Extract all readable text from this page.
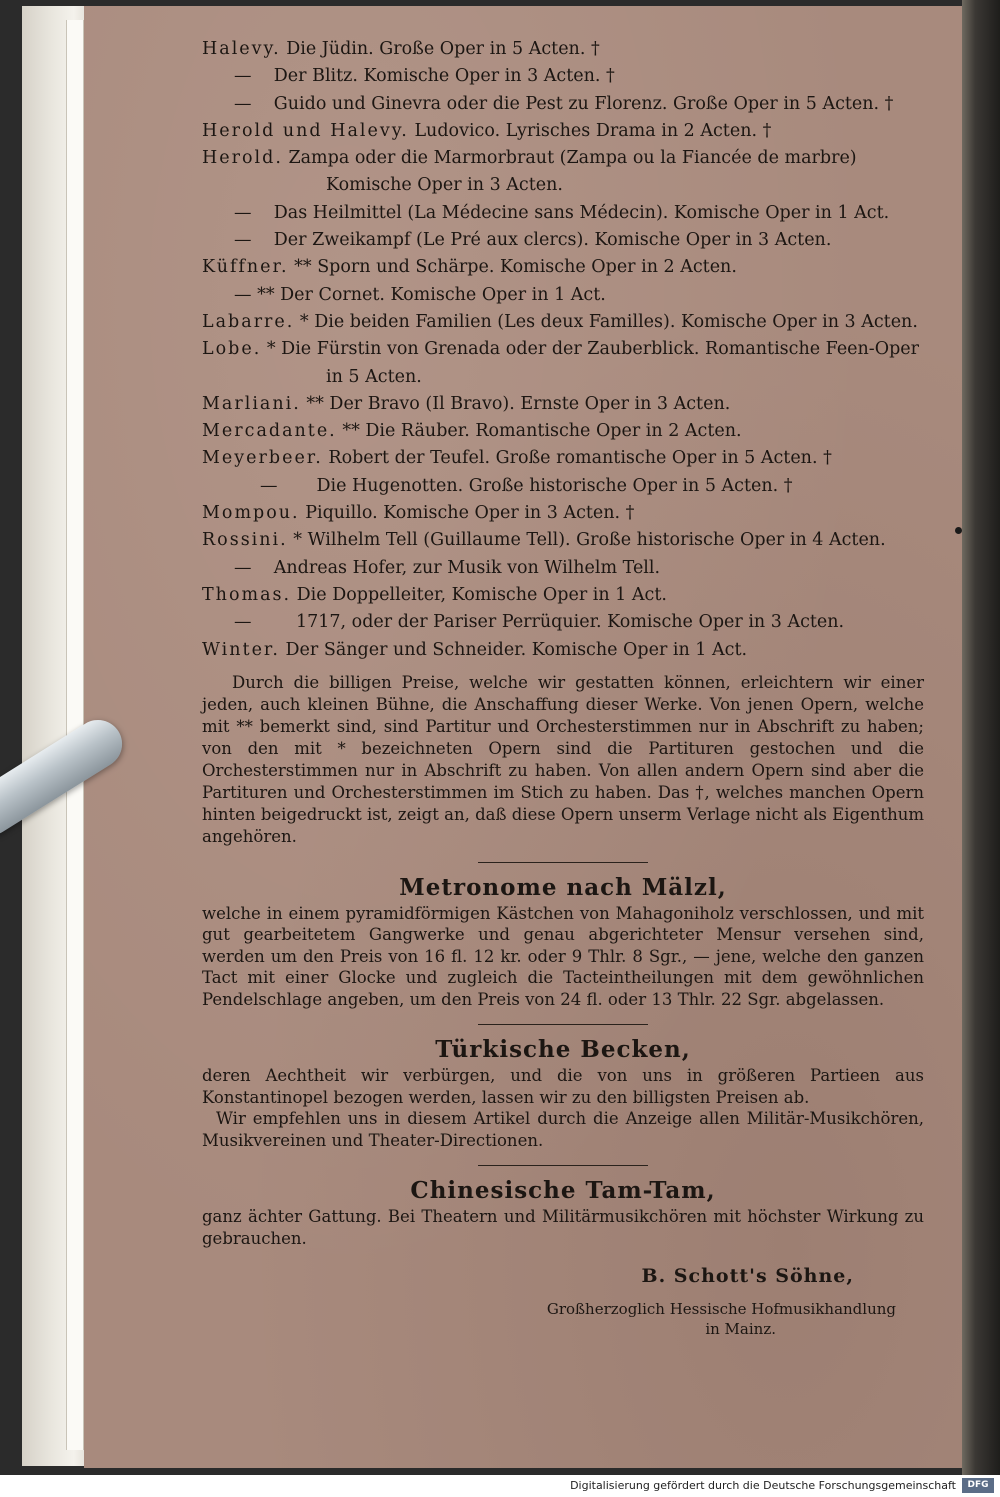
Halevy. Die Jüdin. Große Oper in 5 Acten. †
— Der Blitz. Komische Oper in 3 Acten. †
— Guido und Ginevra oder die Pest zu Florenz. Große Oper in 5 Acten. †
Herold und Halevy. Ludovico. Lyrisches Drama in 2 Acten. †
Herold. Zampa oder die Marmorbraut (Zampa ou la Fiancée de marbre)
Komische Oper in 3 Acten.
— Das Heilmittel (La Médecine sans Médecin). Komische Oper in 1 Act.
— Der Zweikampf (Le Pré aux clercs). Komische Oper in 3 Acten.
Küffner. ** Sporn und Schärpe. Komische Oper in 2 Acten.
— ** Der Cornet. Komische Oper in 1 Act.
Labarre. * Die beiden Familien (Les deux Familles). Komische Oper in 3 Acten.
Lobe. * Die Fürstin von Grenada oder der Zauberblick. Romantische Feen-Oper
in 5 Acten.
Marliani. ** Der Bravo (Il Bravo). Ernste Oper in 3 Acten.
Mercadante. ** Die Räuber. Romantische Oper in 2 Acten.
Meyerbeer. Robert der Teufel. Große romantische Oper in 5 Acten. †
— Die Hugenotten. Große historische Oper in 5 Acten. †
Mompou. Piquillo. Komische Oper in 3 Acten. †
Rossini. * Wilhelm Tell (Guillaume Tell). Große historische Oper in 4 Acten.
— Andreas Hofer, zur Musik von Wilhelm Tell.
Thomas. Die Doppelleiter, Komische Oper in 1 Act.
—	1717, oder der Pariser Perrüquier. Komische Oper in 3 Acten.
Winter. Der Sänger und Schneider. Komische Oper in 1 Act.

Durch die billigen Preise, welche wir gestatten können, erleichtern wir einer jeden, auch kleinen Bühne, die Anschaffung dieser Werke. Von jenen Opern, welche mit ** bemerkt sind, sind Partitur und Orchesterstimmen nur in Abschrift zu haben; von den mit * bezeichneten Opern sind die Partituren gestochen und die Orchesterstimmen nur in Abschrift zu haben. Von allen andern Opern sind aber die Partituren und Orchesterstimmen im Stich zu haben. Das †, welches manchen Opern hinten beigedruckt ist, zeigt an, daß diese Opern unserm Verlage nicht als Eigenthum angehören.

Metronome nach Mälzl,

welche in einem pyramidförmigen Kästchen von Mahagoniholz verschlossen, und mit gut gearbeitetem Gangwerke und genau abgerichteter Mensur versehen sind, werden um den Preis von 16 fl. 12 kr. oder 9 Thlr. 8 Sgr., — jene, welche den ganzen Tact mit einer Glocke und zugleich die Tacteintheilungen mit dem gewöhnlichen Pendelschlage angeben, um den Preis von 24 fl. oder 13 Thlr. 22 Sgr. abgelassen.

Türkische Becken,

deren Aechtheit wir verbürgen, und die von uns in größeren Partieen aus Konstantinopel bezogen werden, lassen wir zu den billigsten Preisen ab.

Wir empfehlen uns in diesem Artikel durch die Anzeige allen Militär-Musikchören, Musikvereinen und Theater-Directionen.

Chinesische Tam-Tam,

ganz ächter Gattung. Bei Theatern und Militärmusikchören mit höchster Wirkung zu gebrauchen.

B. Schott's Söhne,
Großherzoglich Hessische Hofmusikhandlung
in Mainz.
Digitalisierung gefördert durch die Deutsche Forschungsgemeinschaft	DFG
